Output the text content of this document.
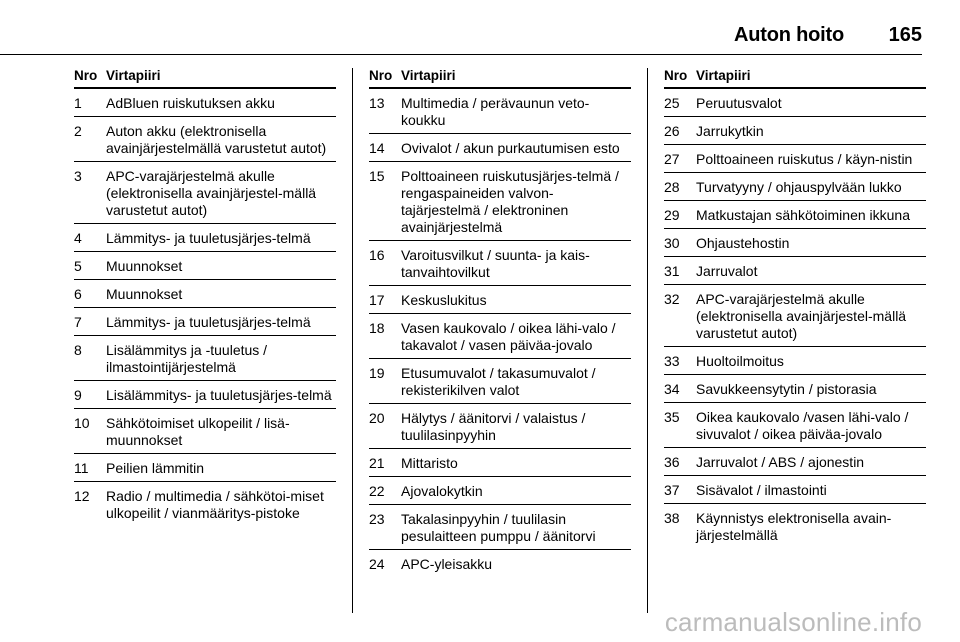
Auton hoito 165
Nro Virtapiiri
1	AdBluen ruiskutuksen akku
2	Auton akku (elektronisella avainjärjestelmällä varustetut autot)
3	APC-varajärjestelmä akulle (elektronisella avainjärjestel-mällä varustetut autot)
4	Lämmitys- ja tuuletusjärjes-telmä
5	Muunnokset
6	Muunnokset
7	Lämmitys- ja tuuletusjärjes-telmä
8	Lisälämmitys ja -tuuletus / ilmastointijärjestelmä
9	Lisälämmitys- ja tuuletusjärjes-telmä
10	Sähkötoimiset ulkopeilit / lisä-muunnokset
11	Peilien lämmitin
12	Radio / multimedia / sähkötoi-miset ulkopeilit / vianmääritys-pistoke
Nro Virtapiiri
13	Multimedia / perävaunun veto-koukku
14	Ovivalot / akun purkautumisen esto
15	Polttoaineen ruiskutusjärjes-telmä / rengaspaineiden valvon-tajärjestelmä / elektroninen avainjärjestelmä
16	Varoitusvilkut / suunta- ja kais-tanvaihtovilkut
17	Keskuslukitus
18	Vasen kaukovalo / oikea lähi-valo / takavalot / vasen päiväa-jovalo
19	Etusumuvalot / takasumuvalot / rekisterikilven valot
20	Hälytys / äänitorvi / valaistus / tuulilasinpyyhin
21	Mittaristo
22	Ajovalokytkin
23	Takalasinpyyhin / tuulilasin pesulaitteen pumppu / äänitorvi
24	APC-yleisakku
Nro Virtapiiri
25	Peruutusvalot
26	Jarrukytkin
27	Polttoaineen ruiskutus / käyn-nistin
28	Turvatyyny / ohjauspylvään lukko
29	Matkustajan sähkötoiminen ikkuna
30	Ohjaustehostin
31	Jarruvalot
32	APC-varajärjestelmä akulle (elektronisella avainjärjestel-mällä varustetut autot)
33	Huoltoilmoitus
34	Savukkeensytytin / pistorasia
35	Oikea kaukovalo /vasen lähi-valo / sivuvalot / oikea päiväa-jovalo
36	Jarruvalot / ABS / ajonestin
37	Sisävalot / ilmastointi
38	Käynnistys elektronisella avain-järjestelmällä
carmanualsonline.info
